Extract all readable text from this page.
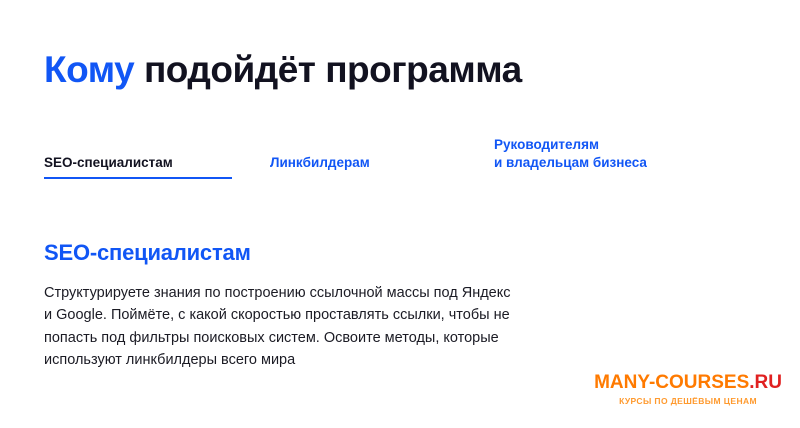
Кому подойдёт программа
SEO-специалистам	Линкбилдерам
Руководителям
и владельцам бизнеса
SEO-специалистам

Структурируете знания по построению ссылочной массы под Яндекс и Google. Поймёте, с какой скоростью проставлять ссылки, чтобы не попасть под фильтры поисковых систем. Освоите методы, которые используют линкбилдеры всего мира

MANY-COURSES.RU
КУРСЫ ПО ДЕШЁВЫМ ЦЕНАМ
